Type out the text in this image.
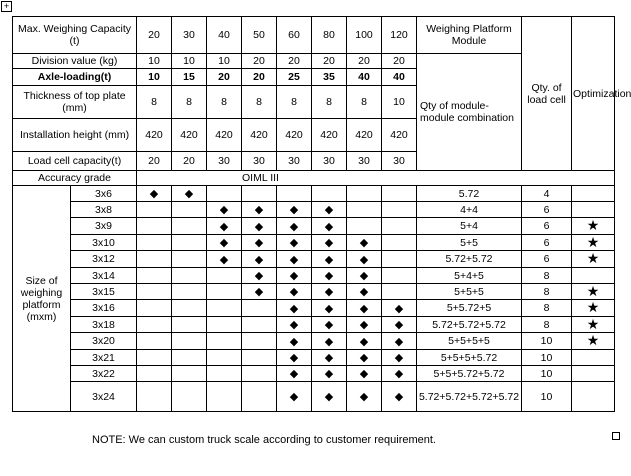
+
Max. Weighing Capacity (t)		20	30	40	50	60	80	100	120	Weighing Platform Module	Qty. of load cell	Optimization
Division value (kg)		10	10	10	20	20	20	20	20	Qty of module-module combination		
Axle-loading(t)		10	15	20	20	25	35	40	40			
Thickness of top plate (mm)		8	8	8	8	8	8	8	10			
Installation height (mm)		420	420	420	420	420	420	420	420			
Load cell capacity(t)		20	20	30	30	30	30	30	30			
Accuracy grade		OIML III										
Size of weighing platform (mxm)	3x6	◆	◆							5.72	4	
	3x8			◆	◆	◆	◆			4+4	6	
	3x9			◆	◆	◆	◆			5+4	6	★
	3x10			◆	◆	◆	◆	◆		5+5	6	★
	3x12			◆	◆	◆	◆	◆		5.72+5.72	6	★
	3x14				◆	◆	◆	◆		5+4+5	8	
	3x15				◆	◆	◆	◆		5+5+5	8	★
	3x16					◆	◆	◆	◆	5+5.72+5	8	★
	3x18					◆	◆	◆	◆	5.72+5.72+5.72	8	★
	3x20					◆	◆	◆	◆	5+5+5+5	10	★
	3x21					◆	◆	◆	◆	5+5+5+5.72	10	
	3x22					◆	◆	◆	◆	5+5+5.72+5.72	10	
	3x24					◆	◆	◆	◆	5.72+5.72+5.72+5.72	10	
NOTE: We can custom truck scale according to customer requirement.
